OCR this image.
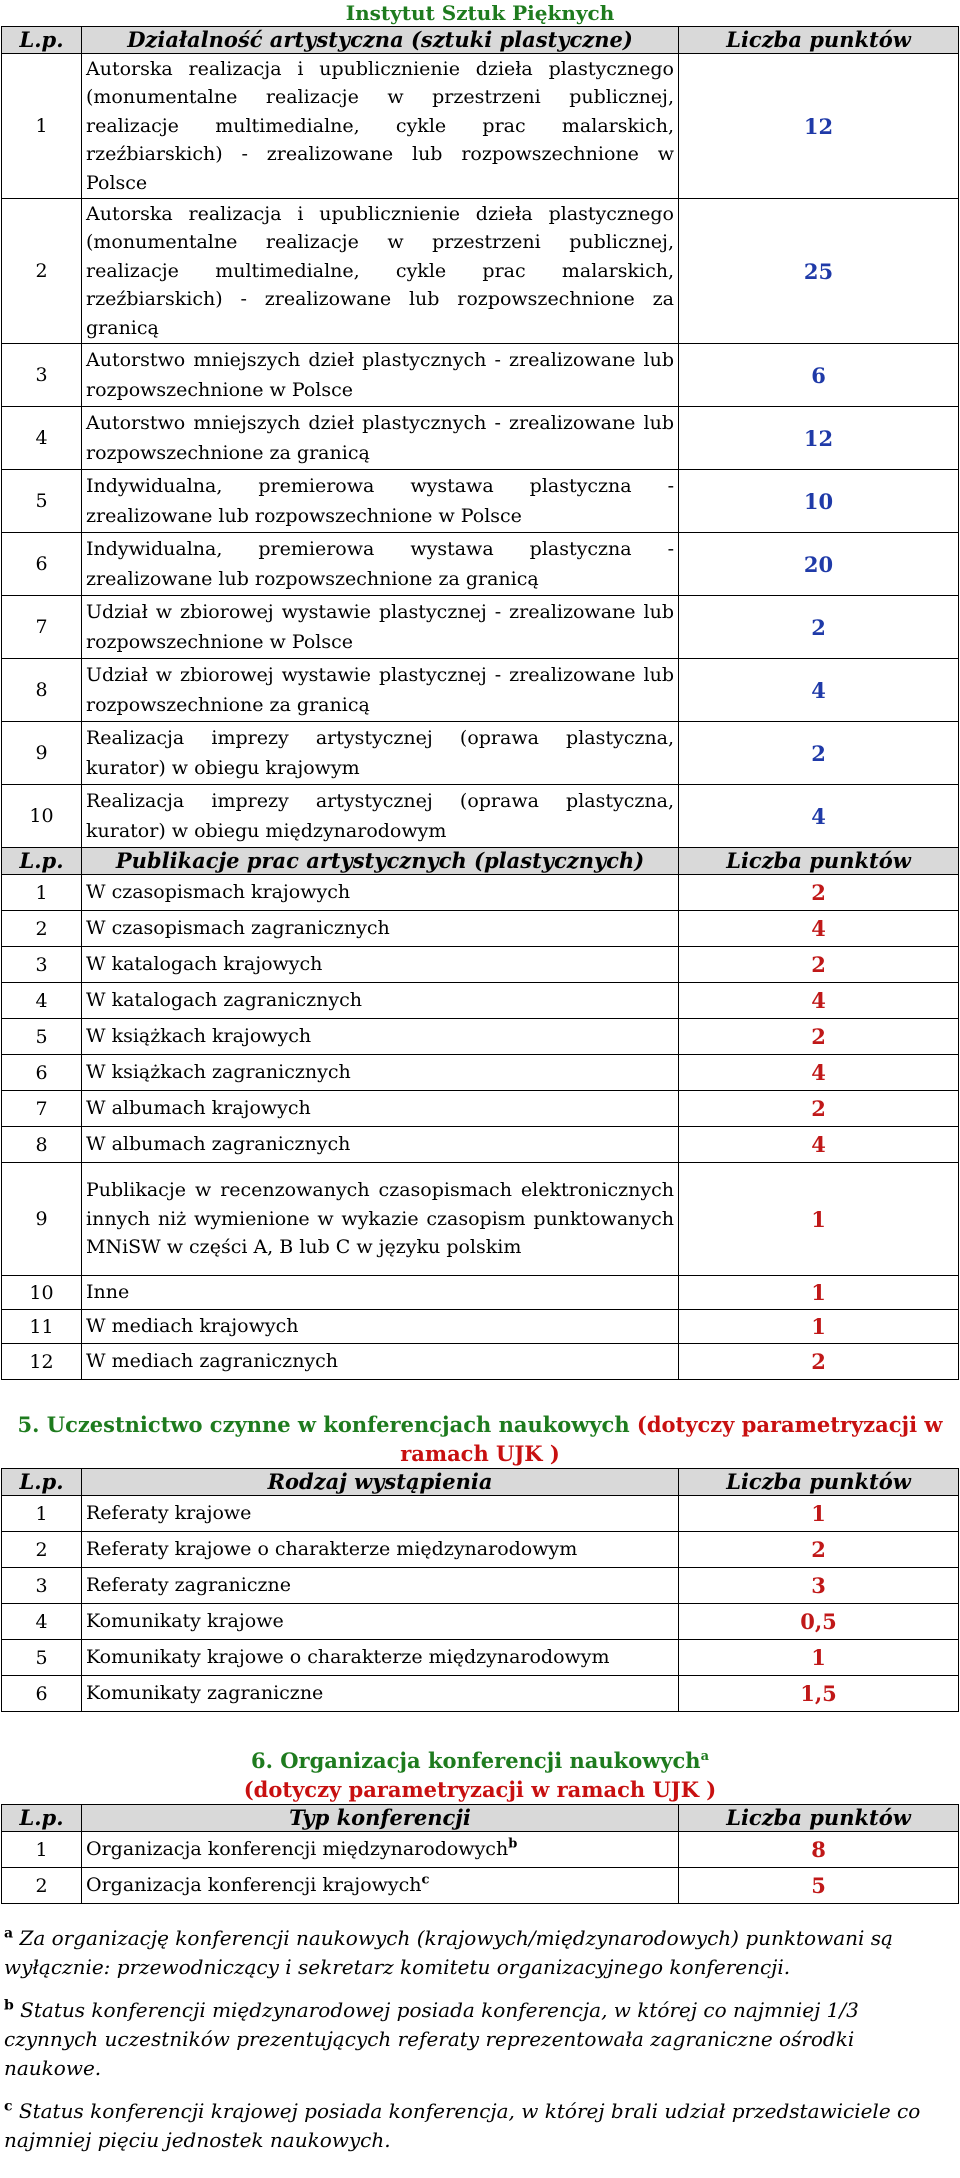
Instytut Sztuk Pięknych
L.p.	Działalność artystyczna (sztuki plastyczne)	Liczba punktów
1	Autorska realizacja i upublicznienie dzieła plastycznego (monumentalne realizacje w przestrzeni publicznej, realizacje multimedialne, cykle prac malarskich, rzeźbiarskich) - zrealizowane lub rozpowszechnione w Polsce	12
2	Autorska realizacja i upublicznienie dzieła plastycznego (monumentalne realizacje w przestrzeni publicznej, realizacje multimedialne, cykle prac malarskich, rzeźbiarskich) - zrealizowane lub rozpowszechnione za granicą	25
3	Autorstwo mniejszych dzieł plastycznych - zrealizowane lub rozpowszechnione w Polsce	6
4	Autorstwo mniejszych dzieł plastycznych - zrealizowane lub rozpowszechnione za granicą	12
5	Indywidualna, premierowa wystawa plastyczna - zrealizowane lub rozpowszechnione w Polsce	10
6	Indywidualna, premierowa wystawa plastyczna - zrealizowane lub rozpowszechnione za granicą	20
7	Udział w zbiorowej wystawie plastycznej - zrealizowane lub rozpowszechnione w Polsce	2
8	Udział w zbiorowej wystawie plastycznej - zrealizowane lub rozpowszechnione za granicą	4
9	Realizacja imprezy artystycznej (oprawa plastyczna, kurator) w obiegu krajowym	2
10	Realizacja imprezy artystycznej (oprawa plastyczna, kurator) w obiegu międzynarodowym	4
L.p.	Publikacje prac artystycznych (plastycznych)	Liczba punktów
1	W czasopismach krajowych	2
2	W czasopismach zagranicznych	4
3	W katalogach krajowych	2
4	W katalogach zagranicznych	4
5	W książkach krajowych	2
6	W książkach zagranicznych	4
7	W albumach krajowych	2
8	W albumach zagranicznych	4
9	Publikacje w recenzowanych czasopismach elektronicznych innych niż wymienione w wykazie czasopism punktowanych MNiSW w części A, B lub C w języku polskim	1
10	Inne	1
11	W mediach krajowych	1
12	W mediach zagranicznych	2
5. Uczestnictwo czynne w konferencjach naukowych (dotyczy parametryzacji w
ramach UJK )
L.p.	Rodzaj wystąpienia	Liczba punktów
1	Referaty krajowe	1
2	Referaty krajowe o charakterze międzynarodowym	2
3	Referaty zagraniczne	3
4	Komunikaty krajowe	0,5
5	Komunikaty krajowe o charakterze międzynarodowym	1
6	Komunikaty zagraniczne	1,5
6. Organizacja konferencji naukowych$^a$
(dotyczy parametryzacji w ramach UJK )
L.p.	Typ konferencji	Liczba punktów
1	Organizacja konferencji międzynarodowych$^b$	8
2	Organizacja konferencji krajowych$^c$	5

$^a$ Za organizację konferencji naukowych (krajowych/międzynarodowych) punktowani są wyłącznie: przewodniczący i sekretarz komitetu organizacyjnego konferencji.

$^b$ Status konferencji międzynarodowej posiada konferencja, w której co najmniej 1/3 czynnych uczestników prezentujących referaty reprezentowała zagraniczne ośrodki naukowe.

$^c$ Status konferencji krajowej posiada konferencja, w której brali udział przedstawiciele co najmniej pięciu jednostek naukowych.
